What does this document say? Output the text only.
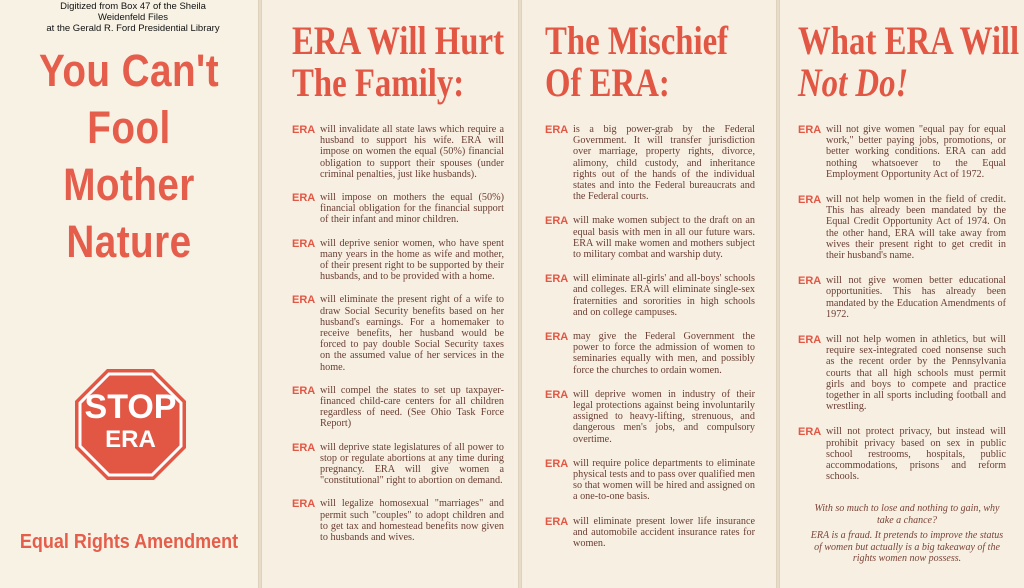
Digitized from Box 47 of the Sheila Weidenfeld Files
at the Gerald R. Ford Presidential Library
You Can't
Fool
Mother
Nature
STOP
ERA
Equal Rights Amendment
ERA Will Hurt
The Family:
ERA will invalidate all state laws which require a husband to support his wife. ERA will impose on women the equal (50%) financial obligation to support their spouses (under criminal penalties, just like husbands).
ERA will impose on mothers the equal (50%) financial obligation for the financial support of their infant and minor children.
ERA will deprive senior women, who have spent many years in the home as wife and mother, of their present right to be supported by their husbands, and to be provided with a home.
ERA will eliminate the present right of a wife to draw Social Security benefits based on her husband's earnings. For a homemaker to receive benefits, her husband would be forced to pay double Social Security taxes on the assumed value of her services in the home.
ERA will compel the states to set up taxpayer-financed child-care centers for all children regardless of need. (See Ohio Task Force Report)
ERA will deprive state legislatures of all power to stop or regulate abortions at any time during pregnancy. ERA will give women a "constitutional" right to abortion on demand.
ERA will legalize homosexual "marriages" and permit such "couples" to adopt children and to get tax and homestead benefits now given to husbands and wives.
The Mischief
Of ERA:
ERA is a big power-grab by the Federal Government. It will transfer jurisdiction over marriage, property rights, divorce, alimony, child custody, and inheritance rights out of the hands of the individual states and into the Federal bureaucrats and the Federal courts.
ERA will make women subject to the draft on an equal basis with men in all our future wars. ERA will make women and mothers subject to military combat and warship duty.
ERA will eliminate all-girls' and all-boys' schools and colleges. ERA will eliminate single-sex fraternities and sororities in high schools and on college campuses.
ERA may give the Federal Government the power to force the admission of women to seminaries equally with men, and possibly force the churches to ordain women.
ERA will deprive women in industry of their legal protections against being involuntarily assigned to heavy-lifting, strenuous, and dangerous men's jobs, and compulsory overtime.
ERA will require police departments to eliminate physical tests and to pass over qualified men so that women will be hired and assigned on a one-to-one basis.
ERA will eliminate present lower life insurance and automobile accident insurance rates for women.
What ERA Will
Not Do!
ERA will not give women "equal pay for equal work," better paying jobs, promotions, or better working conditions. ERA can add nothing whatsoever to the Equal Employment Opportunity Act of 1972.
ERA will not help women in the field of credit. This has already been mandated by the Equal Credit Opportunity Act of 1974. On the other hand, ERA will take away from wives their present right to get credit in their husband's name.
ERA will not give women better educational opportunities. This has already been mandated by the Education Amendments of 1972.
ERA will not help women in athletics, but will require sex-integrated coed nonsense such as the recent order by the Pennsylvania courts that all high schools must permit girls and boys to compete and practice together in all sports including football and wrestling.
ERA will not protect privacy, but instead will prohibit privacy based on sex in public school restrooms, hospitals, public accommodations, prisons and reform schools.

With so much to lose and nothing to gain, why take a chance?

ERA is a fraud. It pretends to improve the status of women but actually is a big takeaway of the rights women now possess.
